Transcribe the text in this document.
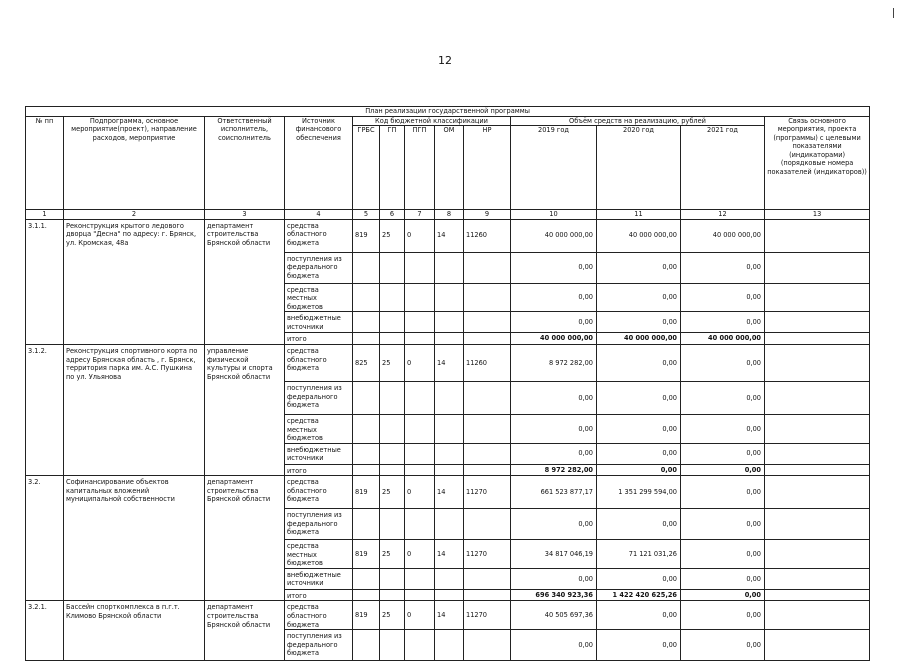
12
План реализации государственной программы												
№ пп	Подпрограмма, основное мероприятие(проект), направление расходов, мероприятие	Ответственный исполнитель, соисполнитель	Источник финансового обеспечения	Код бюджетной классификации					Объём средств на реализацию, рублей			Связь основного мероприятия, проекта (программы) с целевыми показателями (индикаторами) (порядковые номера показателей (индикаторов))
				ГРБС	ГП	ПГП	ОМ	НР	2019 год	2020 год	2021 год	
1	2	3	4	5	6	7	8	9	10	11	12	13
3.1.1.	Реконструкция крытого ледового дворца "Десна" по адресу: г. Брянск, ул. Кромская, 48а	департамент строительства Брянской области	средства областного бюджета	819	25	0	14	11260	40 000 000,00	40 000 000,00	40 000 000,00	
			поступления из федерального бюджета						0,00	0,00	0,00	
			средства местных бюджетов						0,00	0,00	0,00	
			внебюджетные источники						0,00	0,00	0,00	
			итого						40 000 000,00	40 000 000,00	40 000 000,00	
3.1.2.	Реконструкция спортивного корта по адресу Брянская область , г. Брянск, территория парка им. А.С. Пушкина по ул. Ульянова	управление физической культуры и спорта Брянской области	средства областного бюджета	825	25	0	14	11260	8 972 282,00	0,00	0,00	
			поступления из федерального бюджета						0,00	0,00	0,00	
			средства местных бюджетов						0,00	0,00	0,00	
			внебюджетные источники						0,00	0,00	0,00	
			итого						8 972 282,00	0,00	0,00	
3.2.	Софинансирование объектов капитальных вложений муниципальной собственности	департамент строительства Брянской области	средства областного бюджета	819	25	0	14	11270	661 523 877,17	1 351 299 594,00	0,00	
			поступления из федерального бюджета						0,00	0,00	0,00	
			средства местных бюджетов	819	25	0	14	11270	34 817 046,19	71 121 031,26	0,00	
			внебюджетные источники						0,00	0,00	0,00	
			итого						696 340 923,36	1 422 420 625,26	0,00	
3.2.1.	Бассейн спорткомплекса в п.г.т. Климово Брянской области	департамент строительства Брянской области	средства областного бюджета	819	25	0	14	11270	40 505 697,36	0,00	0,00	
			поступления из федерального бюджета						0,00	0,00	0,00	
